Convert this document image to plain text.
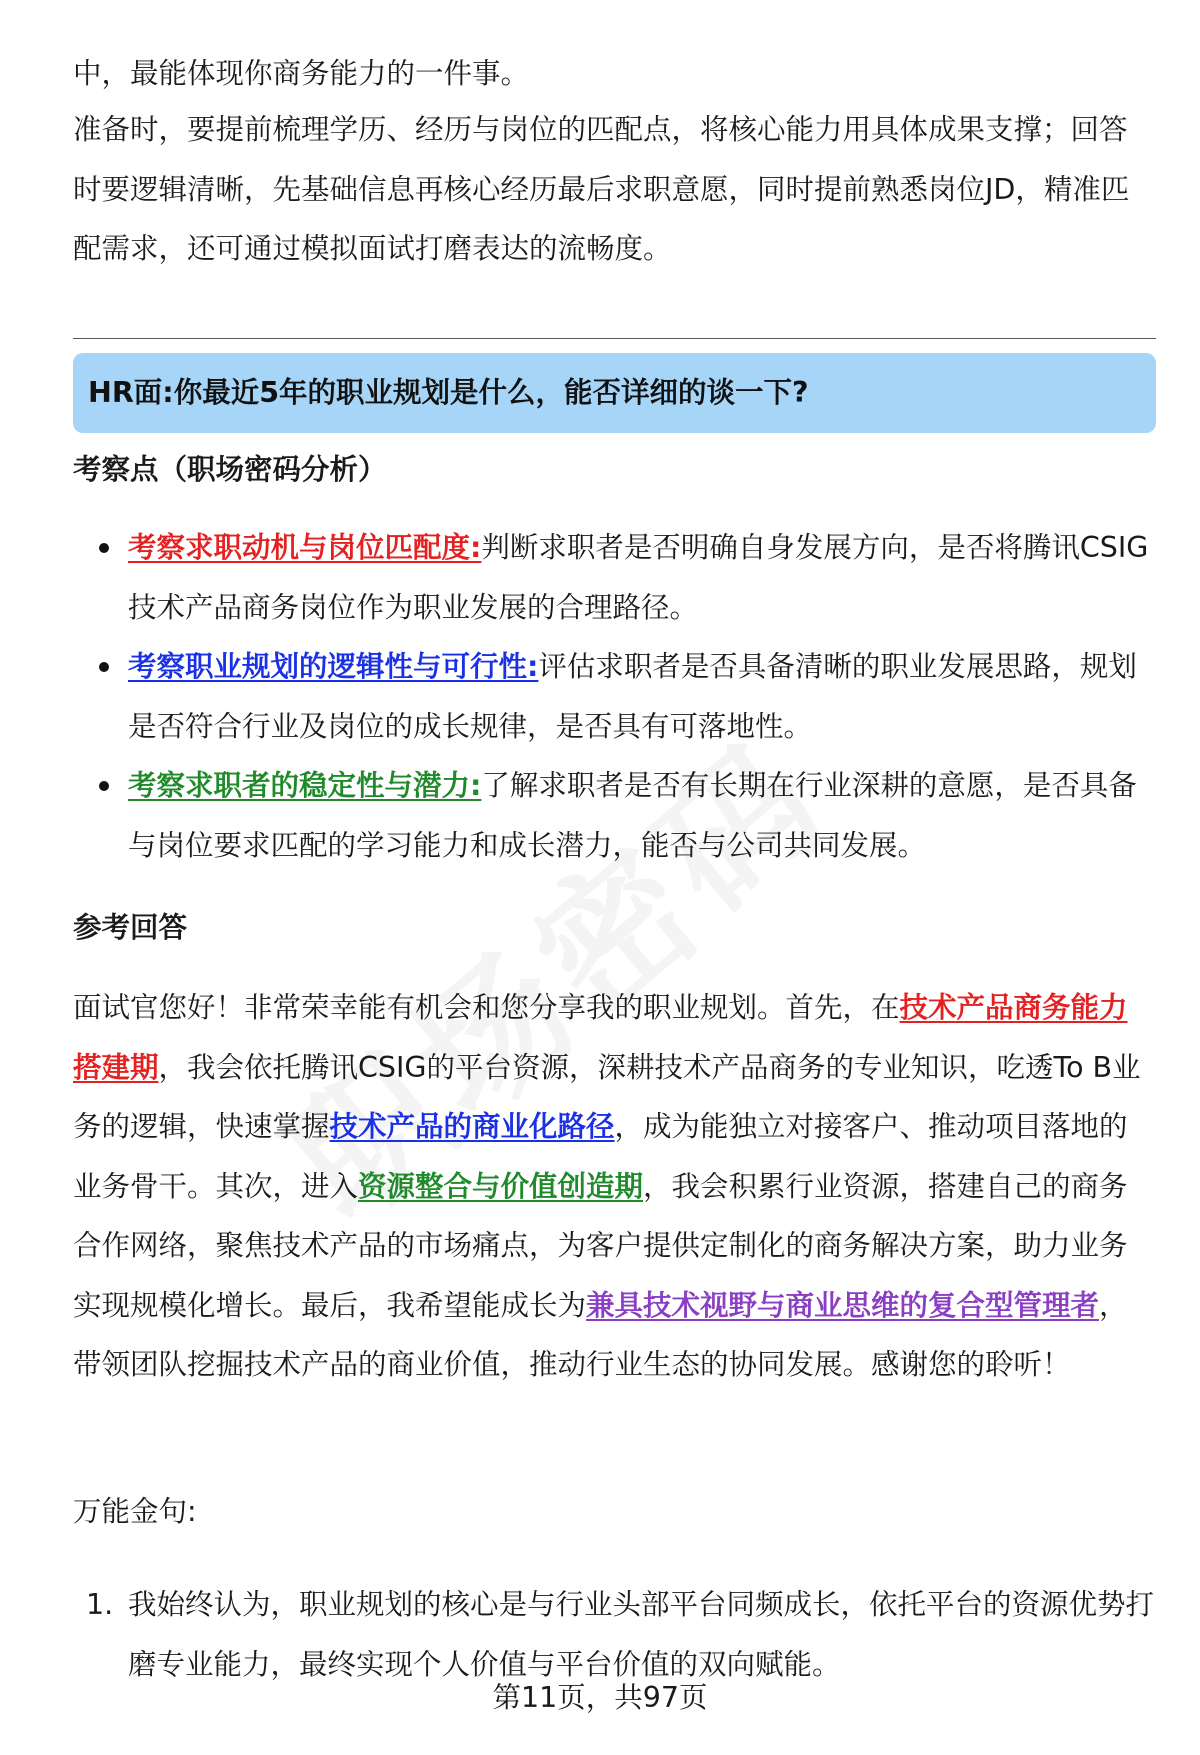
中，最能体现你商务能力的一件事。

准备时，要提前梳理学历、经历与岗位的匹配点，将核心能力用具体成果支撑；回答时要逻辑清晰，先基础信息再核心经历最后求职意愿，同时提前熟悉岗位JD，精准匹配需求，还可通过模拟面试打磨表达的流畅度。

HR面:你最近5年的职业规划是什么，能否详细的谈一下?
考察点（职场密码分析）
考察求职动机与岗位匹配度:判断求职者是否明确自身发展方向，是否将腾讯CSIG技术产品商务岗位作为职业发展的合理路径。
考察职业规划的逻辑性与可行性:评估求职者是否具备清晰的职业发展思路，规划是否符合行业及岗位的成长规律，是否具有可落地性。
考察求职者的稳定性与潜力:了解求职者是否有长期在行业深耕的意愿，是否具备与岗位要求匹配的学习能力和成长潜力，能否与公司共同发展。
参考回答

面试官您好！非常荣幸能有机会和您分享我的职业规划。首先，在技术产品商务能力搭建期，我会依托腾讯CSIG的平台资源，深耕技术产品商务的专业知识，吃透To B业务的逻辑，快速掌握技术产品的商业化路径，成为能独立对接客户、推动项目落地的业务骨干。其次，进入资源整合与价值创造期，我会积累行业资源，搭建自己的商务合作网络，聚焦技术产品的市场痛点，为客户提供定制化的商务解决方案，助力业务实现规模化增长。最后，我希望能成长为兼具技术视野与商业思维的复合型管理者，带领团队挖掘技术产品的商业价值，推动行业生态的协同发展。感谢您的聆听！

万能金句:
1. 我始终认为，职业规划的核心是与行业头部平台同频成长，依托平台的资源优势打磨专业能力，最终实现个人价值与平台价值的双向赋能。
第11页，共97页
